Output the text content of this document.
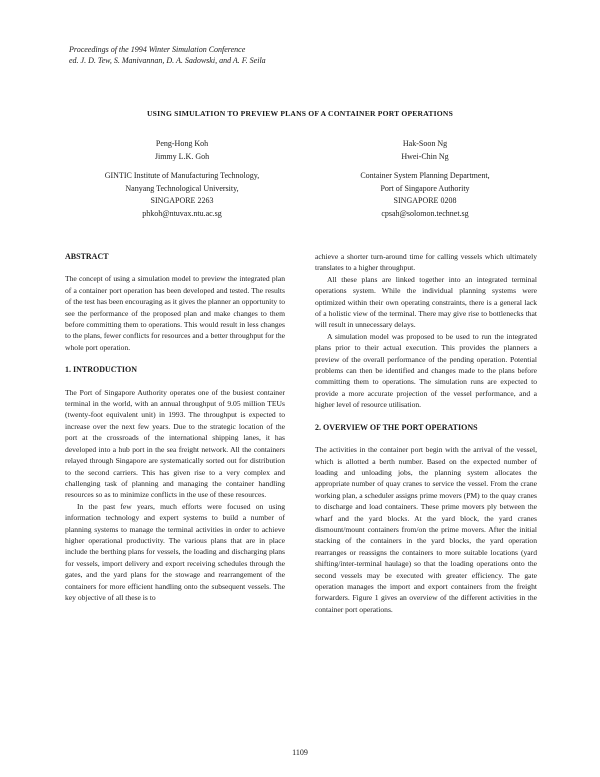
Proceedings of the 1994 Winter Simulation Conference
ed. J. D. Tew, S. Manivannan, D. A. Sadowski, and A. F. Seila
USING SIMULATION TO PREVIEW PLANS OF A CONTAINER PORT OPERATIONS
Peng-Hong Koh
Jimmy L.K. Goh
GINTIC Institute of Manufacturing Technology,
Nanyang Technological University,
SINGAPORE 2263
phkoh@ntuvax.ntu.ac.sg
Hak-Soon Ng
Hwei-Chin Ng
Container System Planning Department,
Port of Singapore Authority
SINGAPORE 0208
cpsah@solomon.technet.sg
ABSTRACT

The concept of using a simulation model to preview the integrated plan of a container port operation has been developed and tested. The results of the test has been encouraging as it gives the planner an opportunity to see the performance of the proposed plan and make changes to them before committing them to operations. This would result in less changes to the plans, fewer conflicts for resources and a better throughput for the whole port operation.

1. INTRODUCTION

The Port of Singapore Authority operates one of the busiest container terminal in the world, with an annual throughput of 9.05 million TEUs (twenty-foot equivalent unit) in 1993. The throughput is expected to increase over the next few years. Due to the strategic location of the port at the crossroads of the international shipping lanes, it has developed into a hub port in the sea freight network. All the containers relayed through Singapore are systematically sorted out for distribution to the second carriers. This has given rise to a very complex and challenging task of planning and managing the container handling resources so as to minimize conflicts in the use of these resources.

In the past few years, much efforts were focused on using information technology and expert systems to build a number of planning systems to manage the terminal activities in order to achieve higher operational productivity. The various plans that are in place include the berthing plans for vessels, the loading and discharging plans for vessels, import delivery and export receiving schedules through the gates, and the yard plans for the stowage and rearrangement of the containers for more efficient handling onto the subsequent vessels. The key objective of all these is to

achieve a shorter turn-around time for calling vessels which ultimately translates to a higher throughput.

All these plans are linked together into an integrated terminal operations system. While the individual planning systems were optimized within their own operating constraints, there is a general lack of a holistic view of the terminal. There may give rise to bottlenecks that will result in unnecessary delays.

A simulation model was proposed to be used to run the integrated plans prior to their actual execution. This provides the planners a preview of the overall performance of the pending operation. Potential problems can then be identified and changes made to the plans before committing them to operations. The simulation runs are expected to provide a more accurate projection of the vessel performance, and a higher level of resource utilisation.

2. OVERVIEW OF THE PORT OPERATIONS

The activities in the container port begin with the arrival of the vessel, which is allotted a berth number. Based on the expected number of loading and unloading jobs, the planning system allocates the appropriate number of quay cranes to service the vessel. From the crane working plan, a scheduler assigns prime movers (PM) to the quay cranes to discharge and load containers. These prime movers ply between the wharf and the yard blocks. At the yard block, the yard cranes dismount/mount containers from/on the prime movers. After the initial stacking of the containers in the yard blocks, the yard operation rearranges or reassigns the containers to more suitable locations (yard shifting/inter-terminal haulage) so that the loading operations onto the second vessels may be executed with greater efficiency. The gate operation manages the import and export containers from the freight forwarders. Figure 1 gives an overview of the different activities in the container port operations.

1109
